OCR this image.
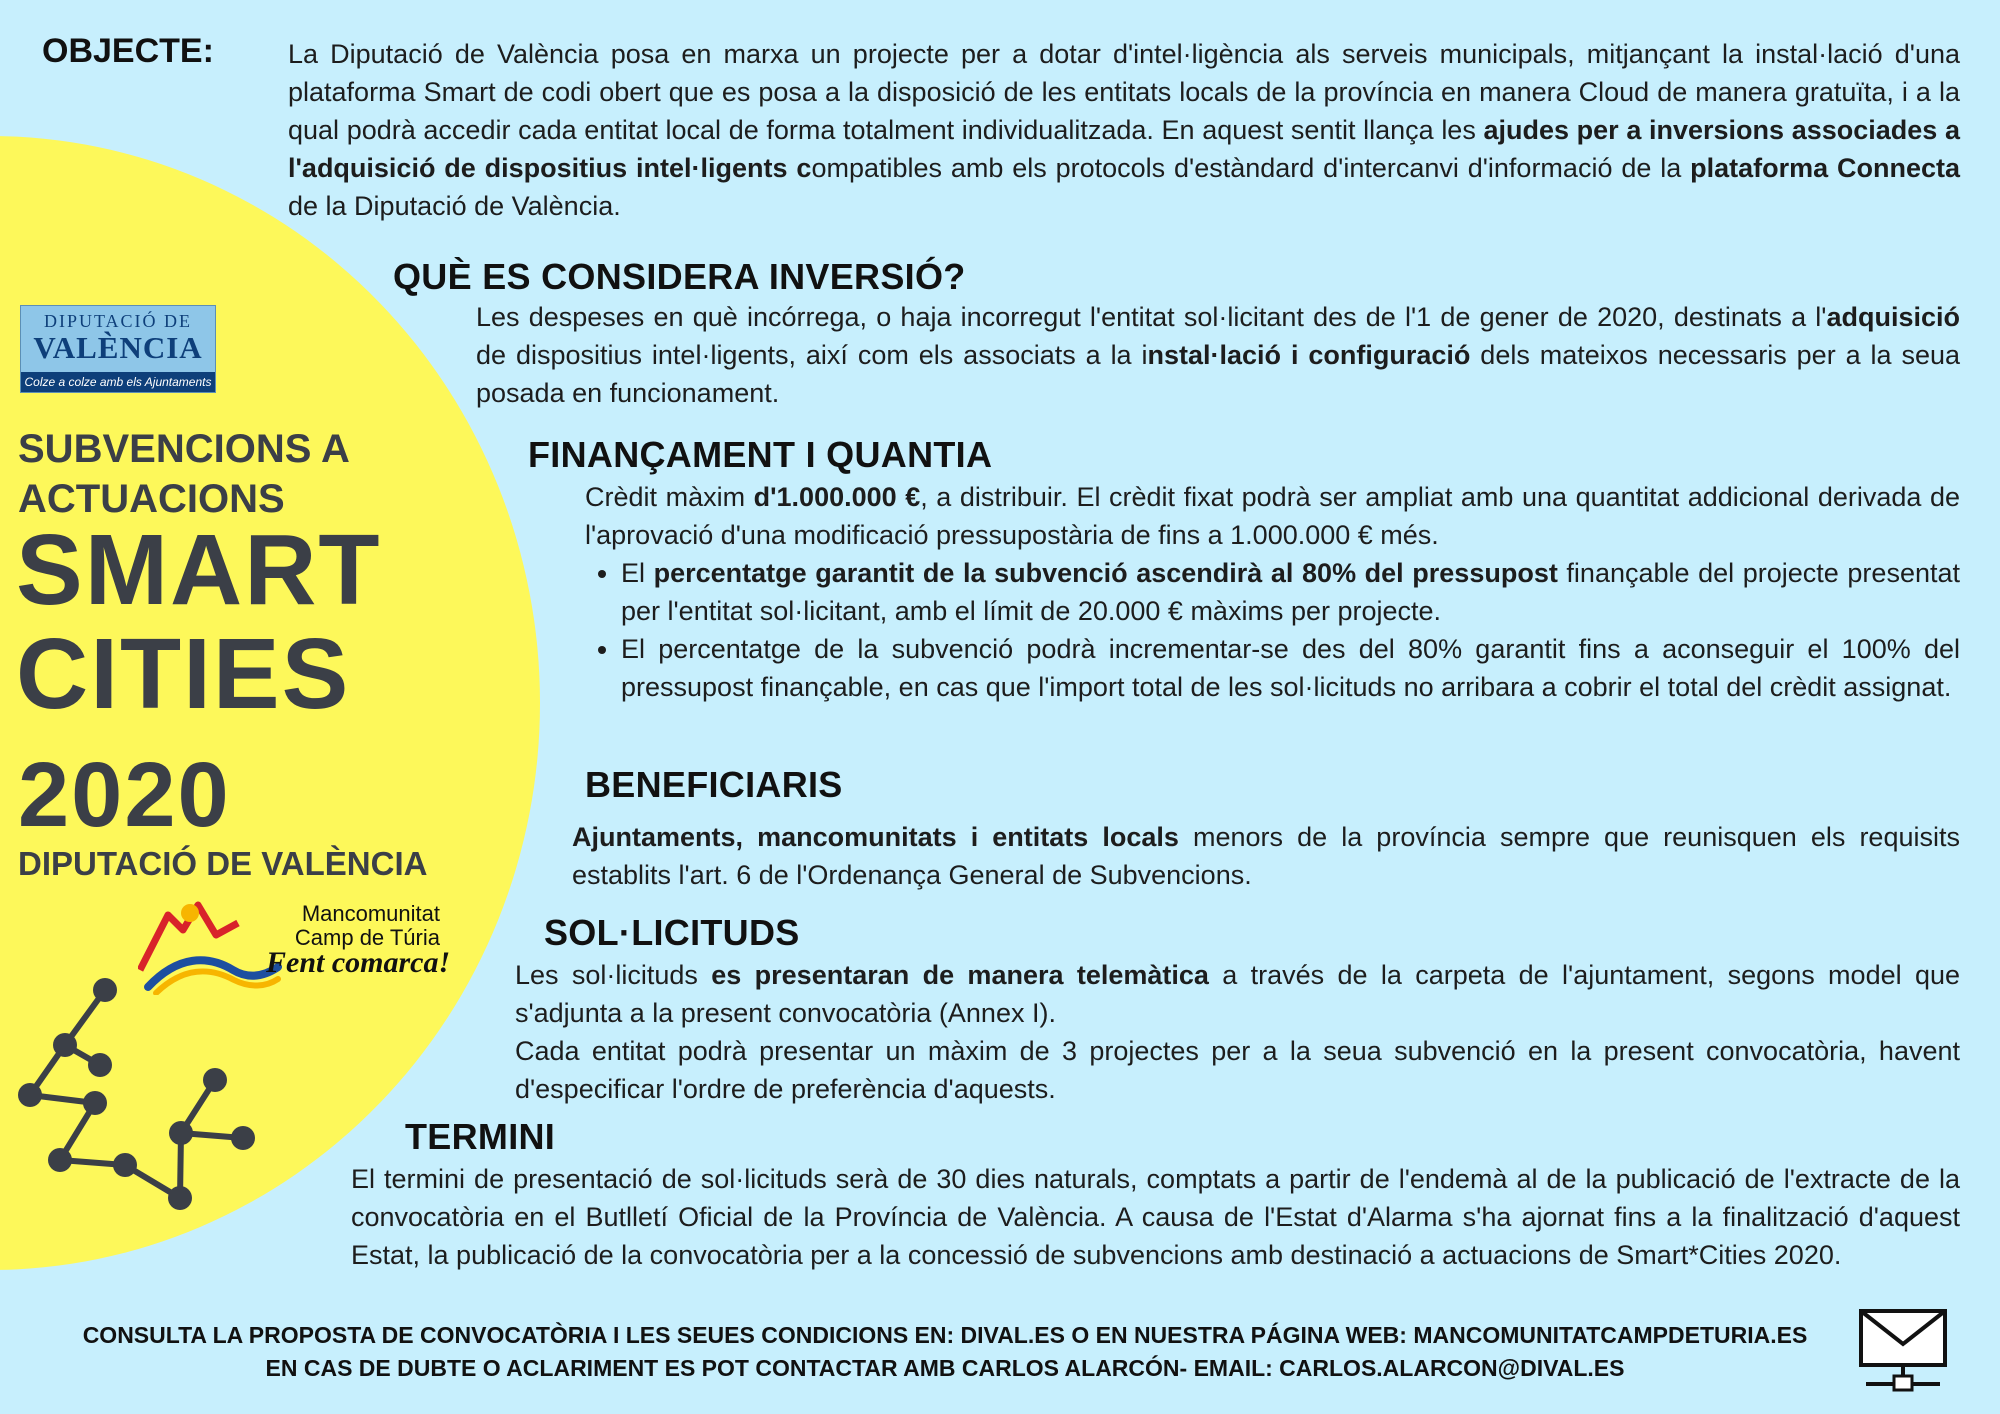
OBJECTE:	La Diputació de València posa en marxa un projecte per a dotar d'intel·ligència als serveis municipals, mitjançant la instal·lació d'una plataforma Smart de codi obert que es posa a la disposició de les entitats locals de la província en manera Cloud de manera gratuïta, i a la qual podrà accedir cada entitat local de forma totalment individualitzada. En aquest sentit llança les ajudes per a inversions associades a l'adquisició de dispositius intel·ligents compatibles amb els protocols d'estàndard d'intercanvi d'informació de la plataforma Connecta de la Diputació de València.
QUÈ ES CONSIDERA INVERSIÓ?
Les despeses en què incórrega, o haja incorregut l'entitat sol·licitant des de l'1 de gener de 2020, destinats a l'adquisició de dispositius intel·ligents, així com els associats a la instal·lació i configuració dels mateixos necessaris per a la seua posada en funcionament.
FINANÇAMENT I QUANTIA
Crèdit màxim d'1.000.000 €, a distribuir. El crèdit fixat podrà ser ampliat amb una quantitat addicional derivada de l'aprovació d'una modificació pressupostària de fins a 1.000.000 € més.
• El percentatge garantit de la subvenció ascendirà al 80% del pressupost finançable del projecte presentat per l'entitat sol·licitant, amb el límit de 20.000 € màxims per projecte.
• El percentatge de la subvenció podrà incrementar-se des del 80% garantit fins a aconseguir el 100% del pressupost finançable, en cas que l'import total de les sol·licituds no arribara a cobrir el total del crèdit assignat.
BENEFICIARIS
Ajuntaments, mancomunitats i entitats locals menors de la província sempre que reunisquen els requisits establits l'art. 6 de l'Ordenança General de Subvencions.
SOL·LICITUDS
Les sol·licituds es presentaran de manera telemàtica a través de la carpeta de l'ajuntament, segons model que s'adjunta a la present convocatòria (Annex I).
Cada entitat podrà presentar un màxim de 3 projectes per a la seua subvenció en la present convocatòria, havent d'especificar l'ordre de preferència d'aquests.
TERMINI
El termini de presentació de sol·licituds serà de 30 dies naturals, comptats a partir de l'endemà al de la publicació de l'extracte de la convocatòria en el Butlletí Oficial de la Província de València. A causa de l'Estat d'Alarma s'ha ajornat fins a la finalització d'aquest Estat, la publicació de la convocatòria per a la concessió de subvencions amb destinació a actuacions de Smart*Cities 2020.
DIPUTACIÓ DE
VALÈNCIA
Colze a colze amb els Ajuntaments
SUBVENCIONS A ACTUACIONS
SMART
CITIES
2020
DIPUTACIÓ DE VALÈNCIA
Mancomunitat
Camp de Túria
Fent comarca!
CONSULTA LA PROPOSTA DE CONVOCATÒRIA I LES SEUES CONDICIONS EN: DIVAL.ES O EN NUESTRA PÁGINA WEB: MANCOMUNITATCAMPDETURIA.ES
EN CAS DE DUBTE O ACLARIMENT ES POT CONTACTAR AMB CARLOS ALARCÓN- EMAIL: CARLOS.ALARCON@DIVAL.ES
